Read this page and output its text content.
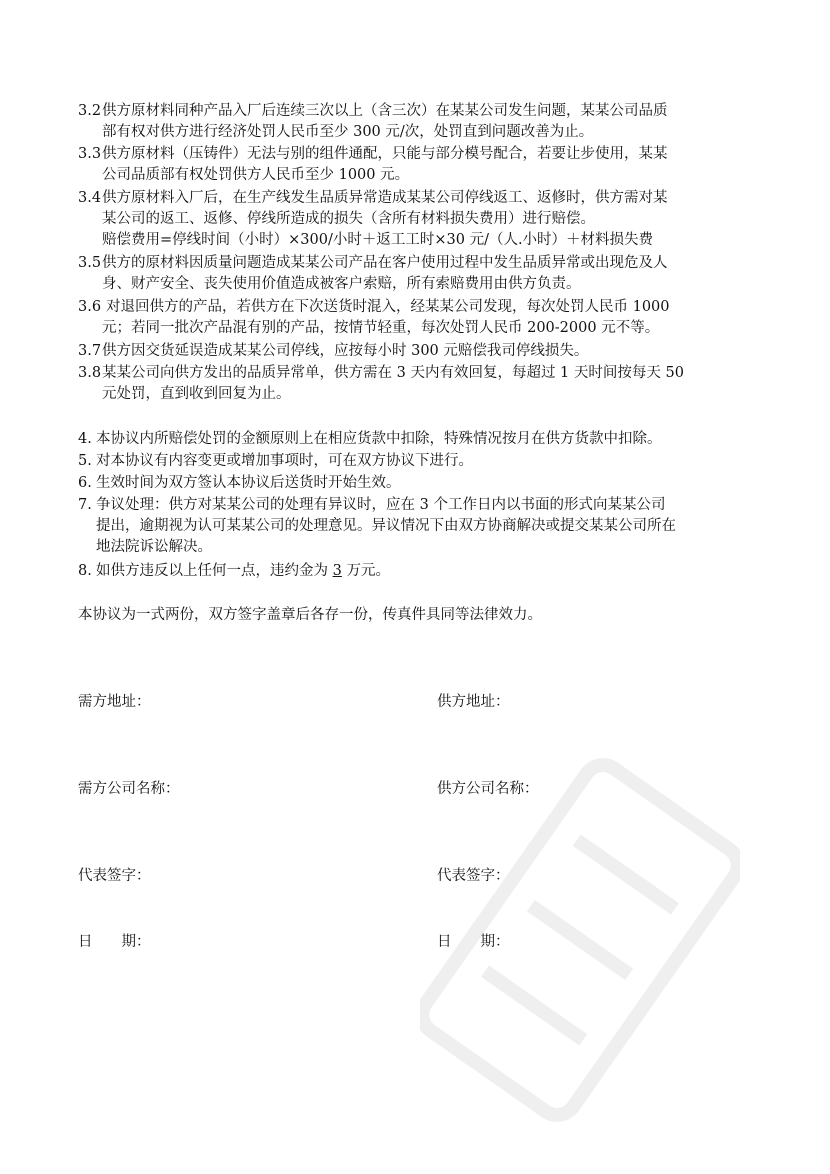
3.2 供方原材料同种产品入厂后连续三次以上（含三次）在某某公司发生问题，某某公司品质
部有权对供方进行经济处罚人民币至少 300 元/次，处罚直到问题改善为止。
3.3 供方原材料（压铸件）无法与别的组件通配，只能与部分模号配合，若要让步使用，某某
公司品质部有权处罚供方人民币至少 1000 元。
3.4 供方原材料入厂后，在生产线发生品质异常造成某某公司停线返工、返修时，供方需对某
某公司的返工、返修、停线所造成的损失（含所有材料损失费用）进行赔偿。
赔偿费用=停线时间（小时）×300/小时＋返工工时×30 元/（人.小时）＋材料损失费
3.5 供方的原材料因质量问题造成某某公司产品在客户使用过程中发生品质异常或出现危及人
身、财产安全、丧失使用价值造成被客户索赔，所有索赔费用由供方负责。
3.6 对退回供方的产品，若供方在下次送货时混入，经某某公司发现，每次处罚人民币 1000
元；若同一批次产品混有别的产品，按情节轻重，每次处罚人民币 200-2000 元不等。
3.7 供方因交货延误造成某某公司停线，应按每小时 300 元赔偿我司停线损失。
3.8 某某公司向供方发出的品质异常单，供方需在 3 天内有效回复，每超过 1 天时间按每天 50
元处罚，直到收到回复为止。
4. 本协议内所赔偿处罚的金额原则上在相应货款中扣除，特殊情况按月在供方货款中扣除。
5. 对本协议有内容变更或增加事项时，可在双方协议下进行。
6. 生效时间为双方签认本协议后送货时开始生效。
7. 争议处理：供方对某某公司的处理有异议时，应在 3 个工作日内以书面的形式向某某公司
提出，逾期视为认可某某公司的处理意见。异议情况下由双方协商解决或提交某某公司所在
地法院诉讼解决。
8. 如供方违反以上任何一点，违约金为 3 万元。
本协议为一式两份，双方签字盖章后各存一份，传真件具同等法律效力。
需方地址：	供方地址：
需方公司名称：	供方公司名称：
代表签字：	代表签字：
日　　期：	日　　期：
